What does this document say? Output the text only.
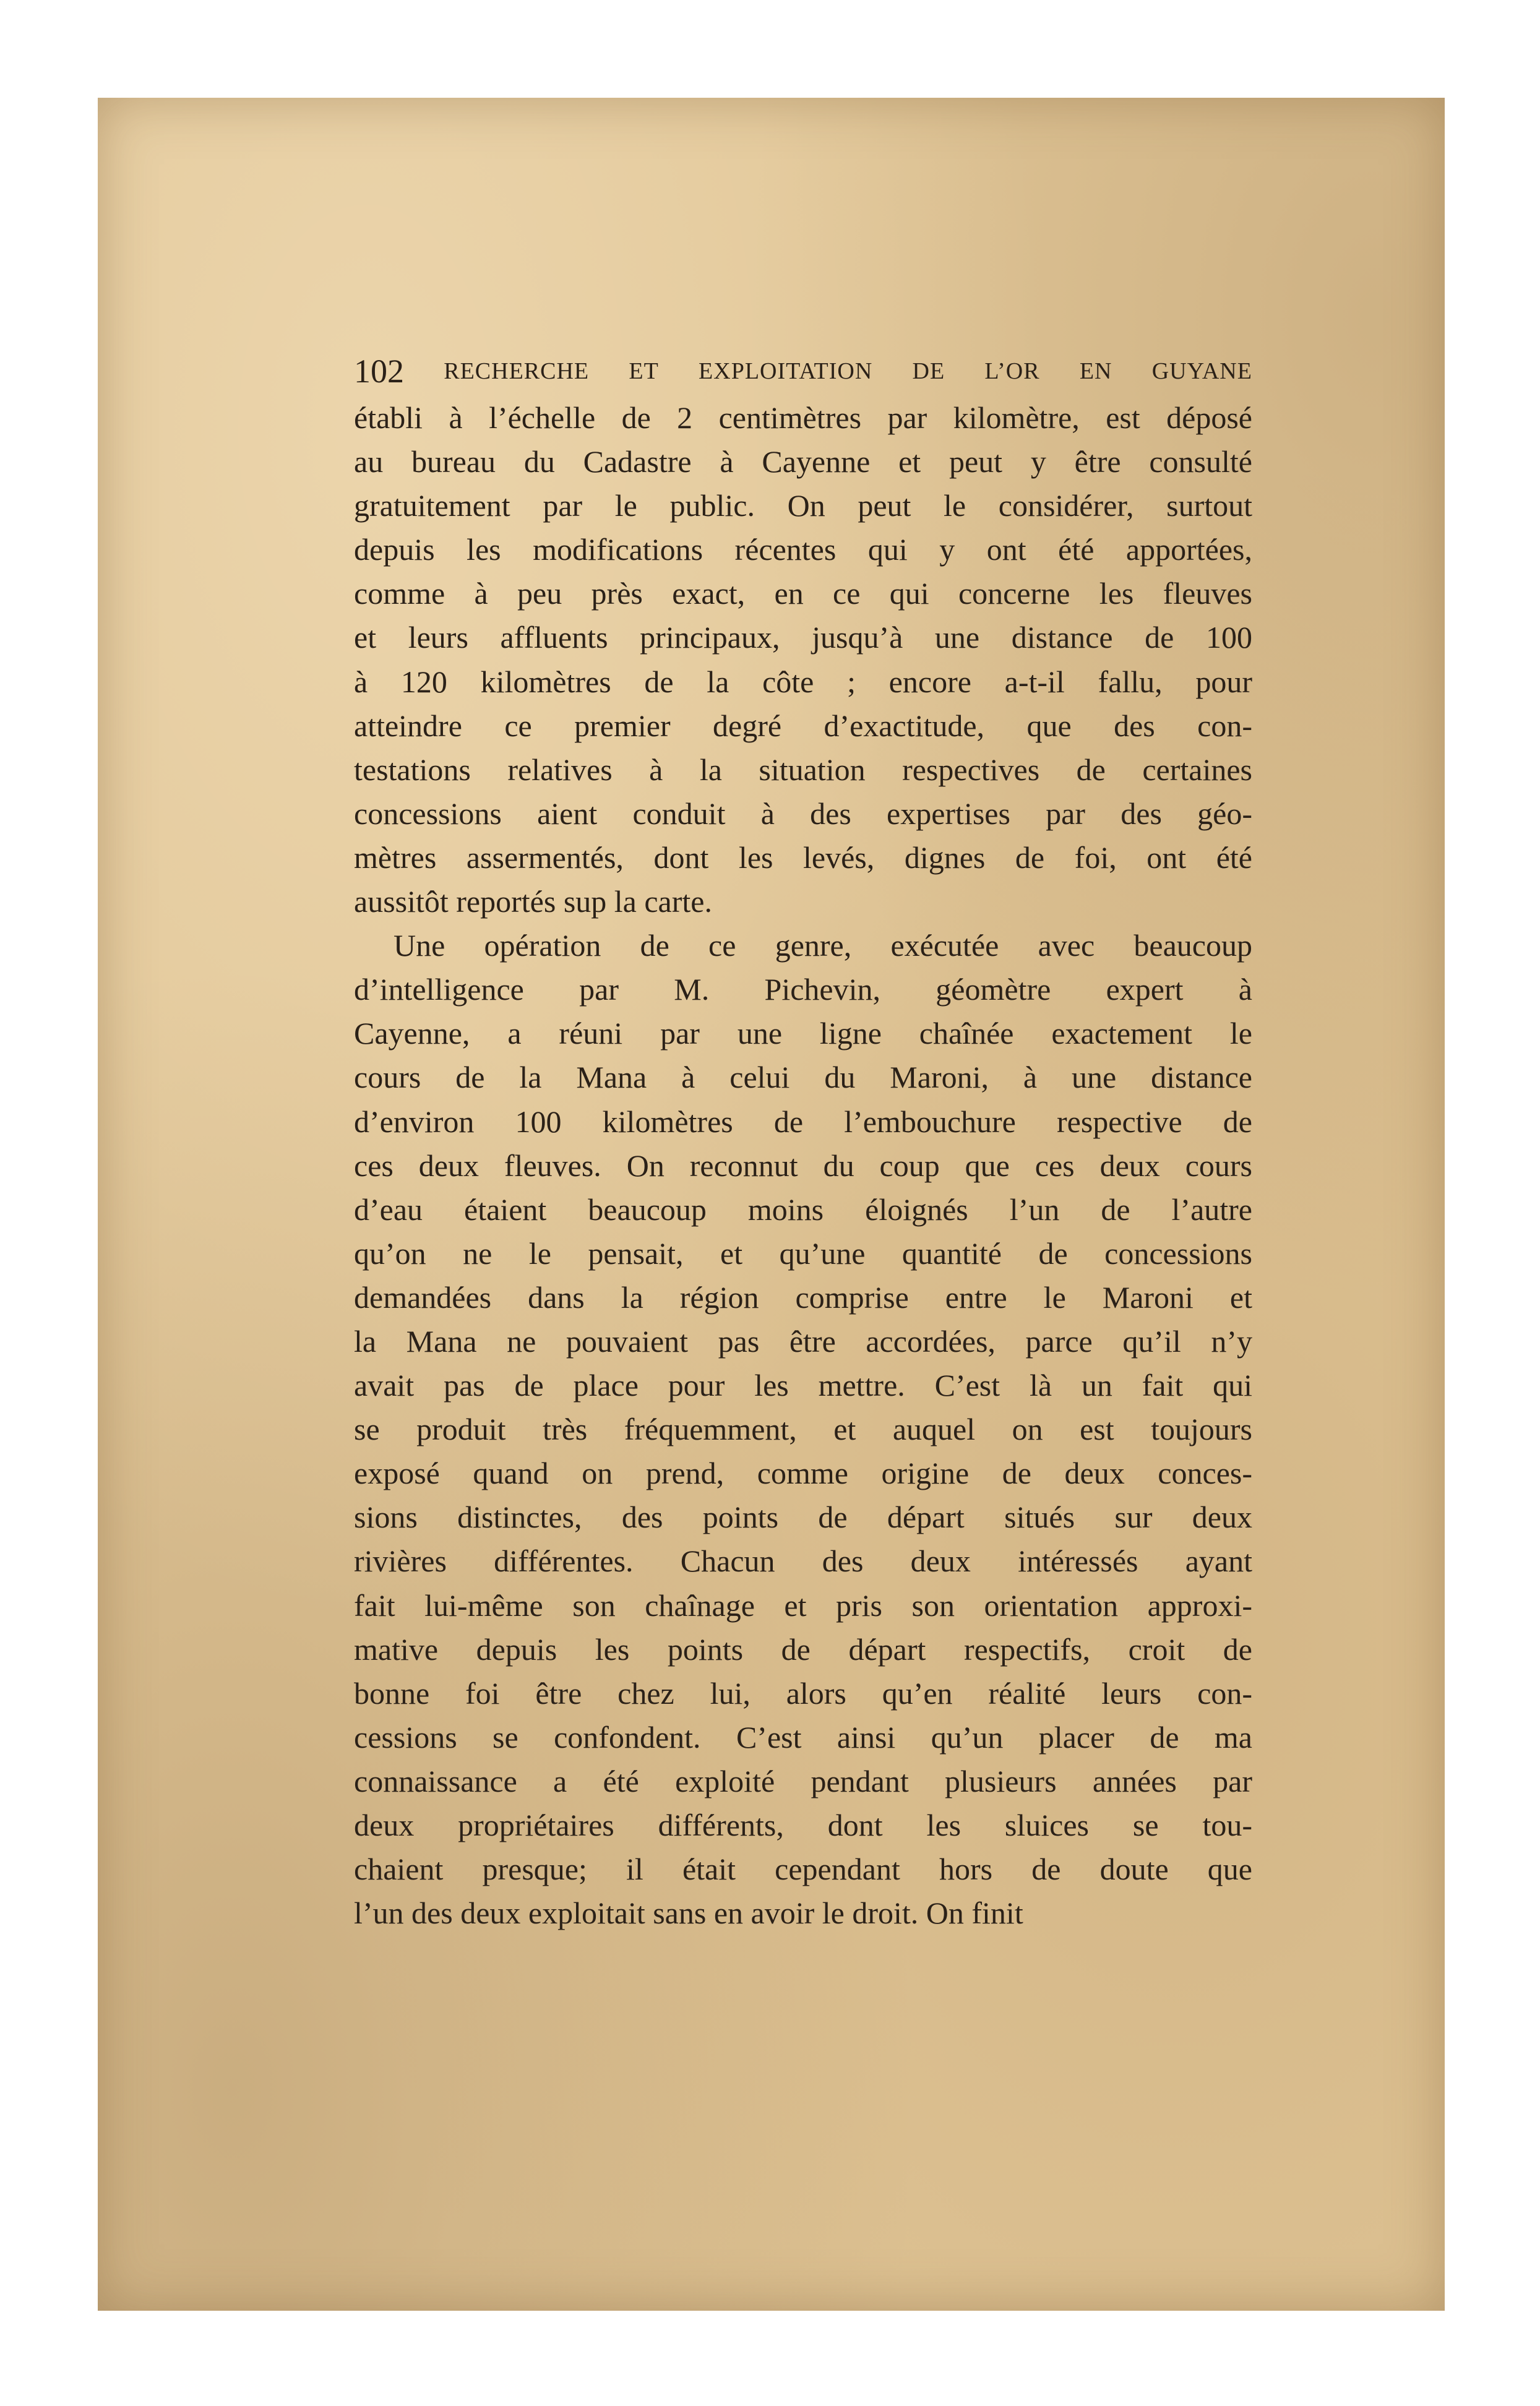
102 RECHERCHE ET EXPLOITATION DE L’OR EN GUYANE
établi à l’échelle de 2 centimètres par kilomètre, est déposé
au bureau du Cadastre à Cayenne et peut y être consulté
gratuitement par le public. On peut le considérer, surtout
depuis les modifications récentes qui y ont été apportées,
comme à peu près exact, en ce qui concerne les fleuves
et leurs affluents principaux, jusqu’à une distance de 100
à 120 kilomètres de la côte ; encore a-t-il fallu, pour
atteindre ce premier degré d’exactitude, que des con-
testations relatives à la situation respectives de certaines
concessions aient conduit à des expertises par des géo-
mètres assermentés, dont les levés, dignes de foi, ont été
aussitôt reportés sup la carte.
Une opération de ce genre, exécutée avec beaucoup
d’intelligence par M. Pichevin, géomètre expert à
Cayenne, a réuni par une ligne chaînée exactement le
cours de la Mana à celui du Maroni, à une distance
d’environ 100 kilomètres de l’embouchure respective de
ces deux fleuves. On reconnut du coup que ces deux cours
d’eau étaient beaucoup moins éloignés l’un de l’autre
qu’on ne le pensait, et qu’une quantité de concessions
demandées dans la région comprise entre le Maroni et
la Mana ne pouvaient pas être accordées, parce qu’il n’y
avait pas de place pour les mettre. C’est là un fait qui
se produit très fréquemment, et auquel on est toujours
exposé quand on prend, comme origine de deux conces-
sions distinctes, des points de départ situés sur deux
rivières différentes. Chacun des deux intéressés ayant
fait lui-même son chaînage et pris son orientation approxi-
mative depuis les points de départ respectifs, croit de
bonne foi être chez lui, alors qu’en réalité leurs con-
cessions se confondent. C’est ainsi qu’un placer de ma
connaissance a été exploité pendant plusieurs années par
deux propriétaires différents, dont les sluices se tou-
chaient presque; il était cependant hors de doute que
l’un des deux exploitait sans en avoir le droit. On finit
